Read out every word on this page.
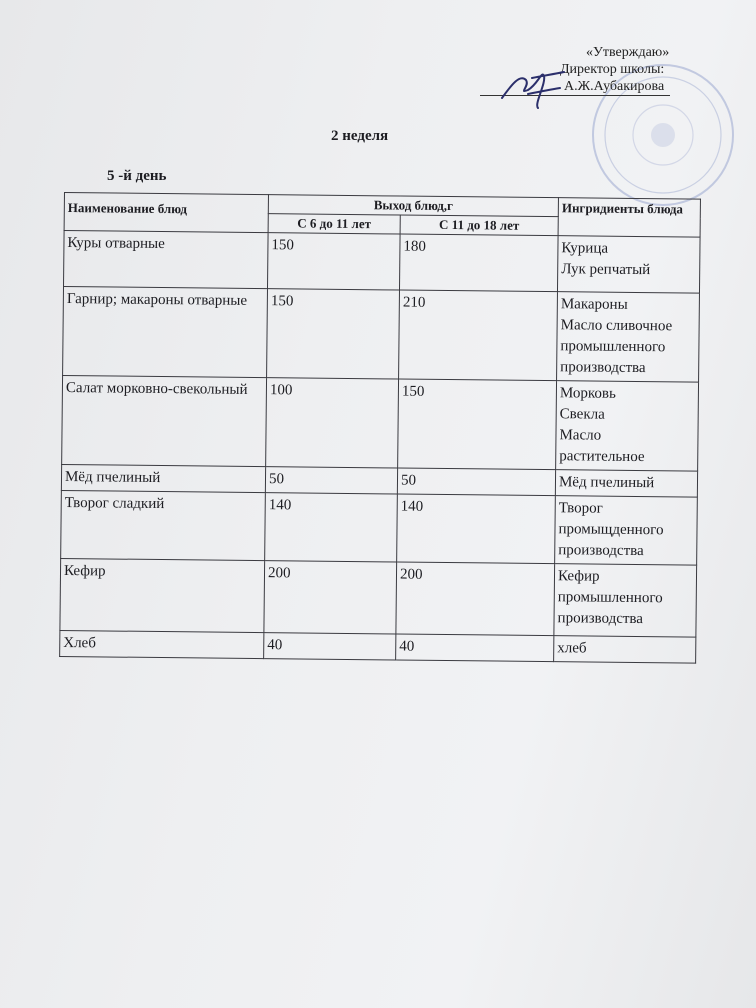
«Утверждаю»
Директор школы:
А.Ж.Аубакирова
2 неделя
5 -й день
Наименование блюд	Выход блюд,г		Ингридиенты блюда
	С 6 до 11 лет	С 11 до 18 лет	
Куры отварные	150	180	Курица
Лук репчатый

Гарнир; макароны отварные	150	210	Макароны
Масло сливочное
промышленного
производства

Салат морковно-свекольный	100	150	Морковь
Свекла
Масло
растительное

Мёд пчелиный	50	50	Мёд пчелиный

Творог сладкий	140	140	Творог
промыщденного
производства

Кефир	200	200	Кефир
промышленного
производства

Хлеб	40	40	хлеб
